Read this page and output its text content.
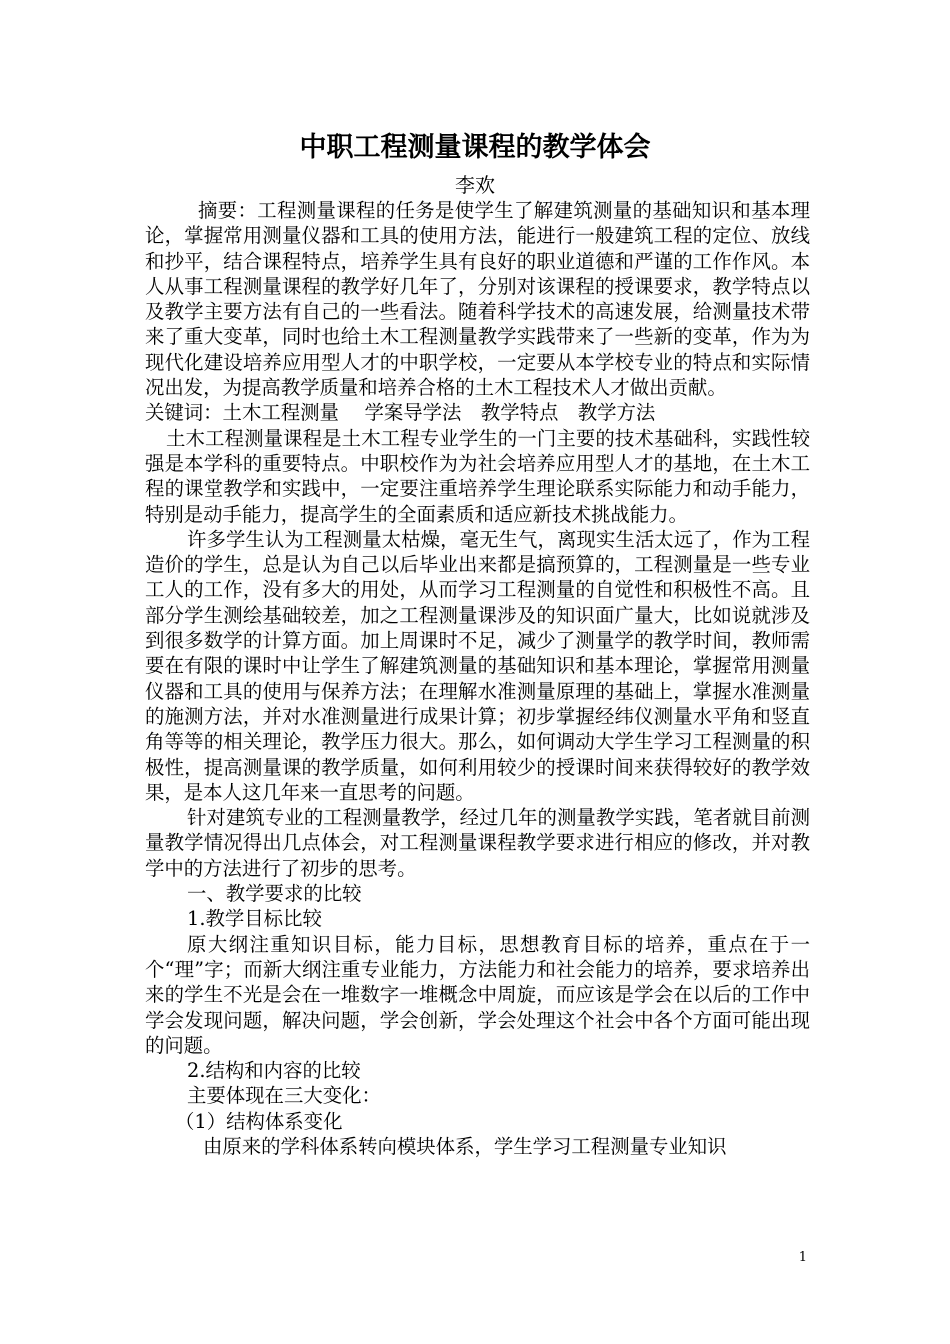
中职工程测量课程的教学体会
李欢

摘要：工程测量课程的任务是使学生了解建筑测量的基础知识和基本理论，掌握常用测量仪器和工具的使用方法，能进行一般建筑工程的定位、放线和抄平，结合课程特点，培养学生具有良好的职业道德和严谨的工作作风。本人从事工程测量课程的教学好几年了，分别对该课程的授课要求，教学特点以及教学主要方法有自己的一些看法。随着科学技术的高速发展，给测量技术带来了重大变革，同时也给土木工程测量教学实践带来了一些新的变革，作为为现代化建设培养应用型人才的中职学校，一定要从本学校专业的特点和实际情况出发，为提高教学质量和培养合格的土木工程技术人才做出贡献。

关键词：土木工程测量　 学案导学法　教学特点　教学方法

土木工程测量课程是土木工程专业学生的一门主要的技术基础科，实践性较强是本学科的重要特点。中职校作为为社会培养应用型人才的基地，在土木工程的课堂教学和实践中，一定要注重培养学生理论联系实际能力和动手能力，特别是动手能力，提高学生的全面素质和适应新技术挑战能力。

许多学生认为工程测量太枯燥，毫无生气，离现实生活太远了，作为工程造价的学生，总是认为自己以后毕业出来都是搞预算的，工程测量是一些专业工人的工作，没有多大的用处，从而学习工程测量的自觉性和积极性不高。且部分学生测绘基础较差，加之工程测量课涉及的知识面广量大，比如说就涉及到很多数学的计算方面。加上周课时不足，减少了测量学的教学时间，教师需要在有限的课时中让学生了解建筑测量的基础知识和基本理论，掌握常用测量仪器和工具的使用与保养方法；在理解水准测量原理的基础上，掌握水准测量的施测方法，并对水准测量进行成果计算；初步掌握经纬仪测量水平角和竖直角等等的相关理论，教学压力很大。那么，如何调动大学生学习工程测量的积极性，提高测量课的教学质量，如何利用较少的授课时间来获得较好的教学效果，是本人这几年来一直思考的问题。

针对建筑专业的工程测量教学，经过几年的测量教学实践，笔者就目前测量教学情况得出几点体会，对工程测量课程教学要求进行相应的修改，并对教学中的方法进行了初步的思考。

一、教学要求的比较

1.教学目标比较

原大纲注重知识目标，能力目标，思想教育目标的培养，重点在于一个“理”字；而新大纲注重专业能力，方法能力和社会能力的培养，要求培养出来的学生不光是会在一堆数字一堆概念中周旋，而应该是学会在以后的工作中学会发现问题，解决问题，学会创新，学会处理这个社会中各个方面可能出现的问题。

2.结构和内容的比较

主要体现在三大变化：

（1）结构体系变化

由原来的学科体系转向模块体系，学生学习工程测量专业知识

1
